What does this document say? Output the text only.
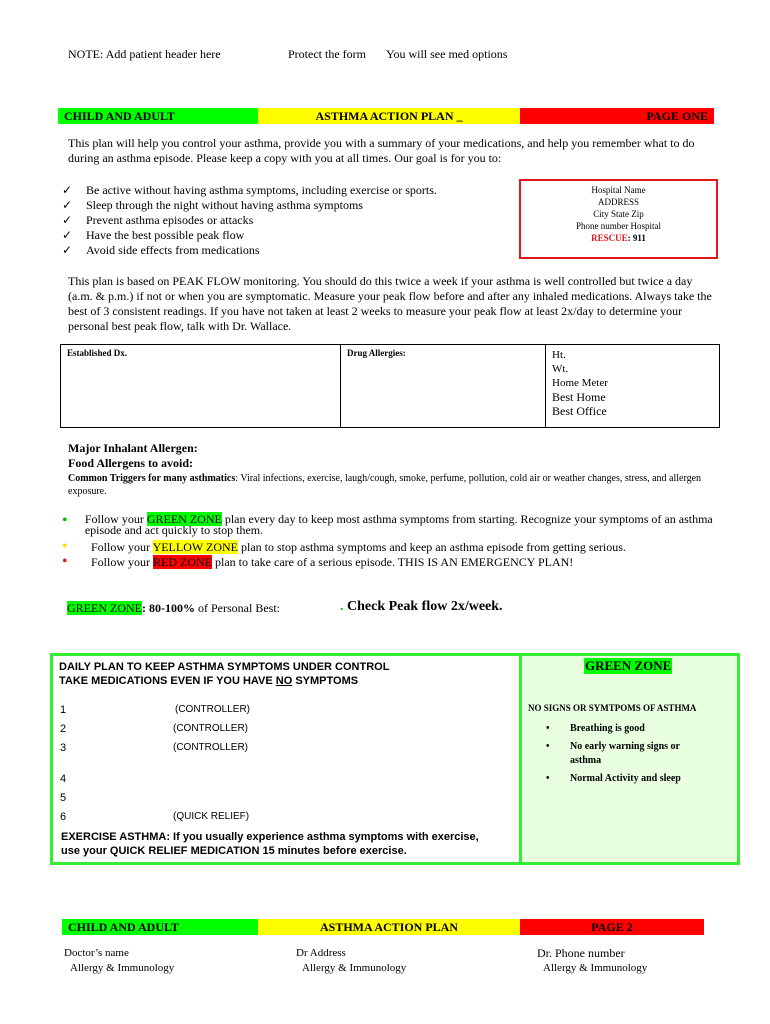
NOTE: Add patient header here	Protect the form You will see med options
CHILD AND ADULT	ASTHMA ACTION PLAN _	PAGE ONE

This plan will help you control your asthma, provide you with a summary of your medications, and help you remember what to do during an asthma episode. Please keep a copy with you at all times. Our goal is for you to:

✓	Be active without having asthma symptoms, including exercise or sports.
✓	Sleep through the night without having asthma symptoms
✓	Prevent asthma episodes or attacks
✓	Have the best possible peak flow
✓	Avoid side effects from medications
Hospital Name
ADDRESS
City State Zip
Phone number Hospital
RESCUE: 911

This plan is based on PEAK FLOW monitoring. You should do this twice a week if your asthma is well controlled but twice a day (a.m. & p.m.) if not or when you are symptomatic. Measure your peak flow before and after any inhaled medications. Always take the best of 3 consistent readings. If you have not taken at least 2 weeks to measure your peak flow at least 2x/day to determine your personal best peak flow, talk with Dr. Wallace.

Established Dx.	Drug Allergies:	Ht.
Wt.
Home Meter
Best Home
Best Office
Major Inhalant Allergen:
Food Allergens to avoid:

Common Triggers for many asthmatics: Viral infections, exercise, laugh/cough, smoke, perfume, pollution, cold air or weather changes, stress, and allergen exposure.

•	Follow your GREEN ZONE plan every day to keep most asthma symptoms from starting. Recognize your symptoms of an asthma episode and act quickly to stop them.
•	Follow your YELLOW ZONE plan to stop asthma symptoms and keep an asthma episode from getting serious.
•	Follow your RED ZONE plan to take care of a serious episode. THIS IS AN EMERGENCY PLAN!
GREEN ZONE: 80-100% of Personal Best:	. Check Peak flow 2x/week.
DAILY PLAN TO KEEP ASTHMA SYMPTOMS UNDER CONTROL
TAKE MEDICATIONS EVEN IF YOU HAVE NO SYMPTOMS
1	(CONTROLLER)
2	(CONTROLLER)
3	(CONTROLLER)
4
5
6	(QUICK RELIEF)
EXERCISE ASTHMA: If you usually experience asthma symptoms with exercise,
use your QUICK RELIEF MEDICATION 15 minutes before exercise.
GREEN ZONE
NO SIGNS OR SYMTPOMS OF ASTHMA
•	Breathing is good
•	No early warning signs or asthma
•	Normal Activity and sleep
CHILD AND ADULT	ASTHMA ACTION PLAN	PAGE 2
Doctor’s name
Allergy & Immunology
Dr Address
Allergy & Immunology
Dr. Phone number
Allergy & Immunology
